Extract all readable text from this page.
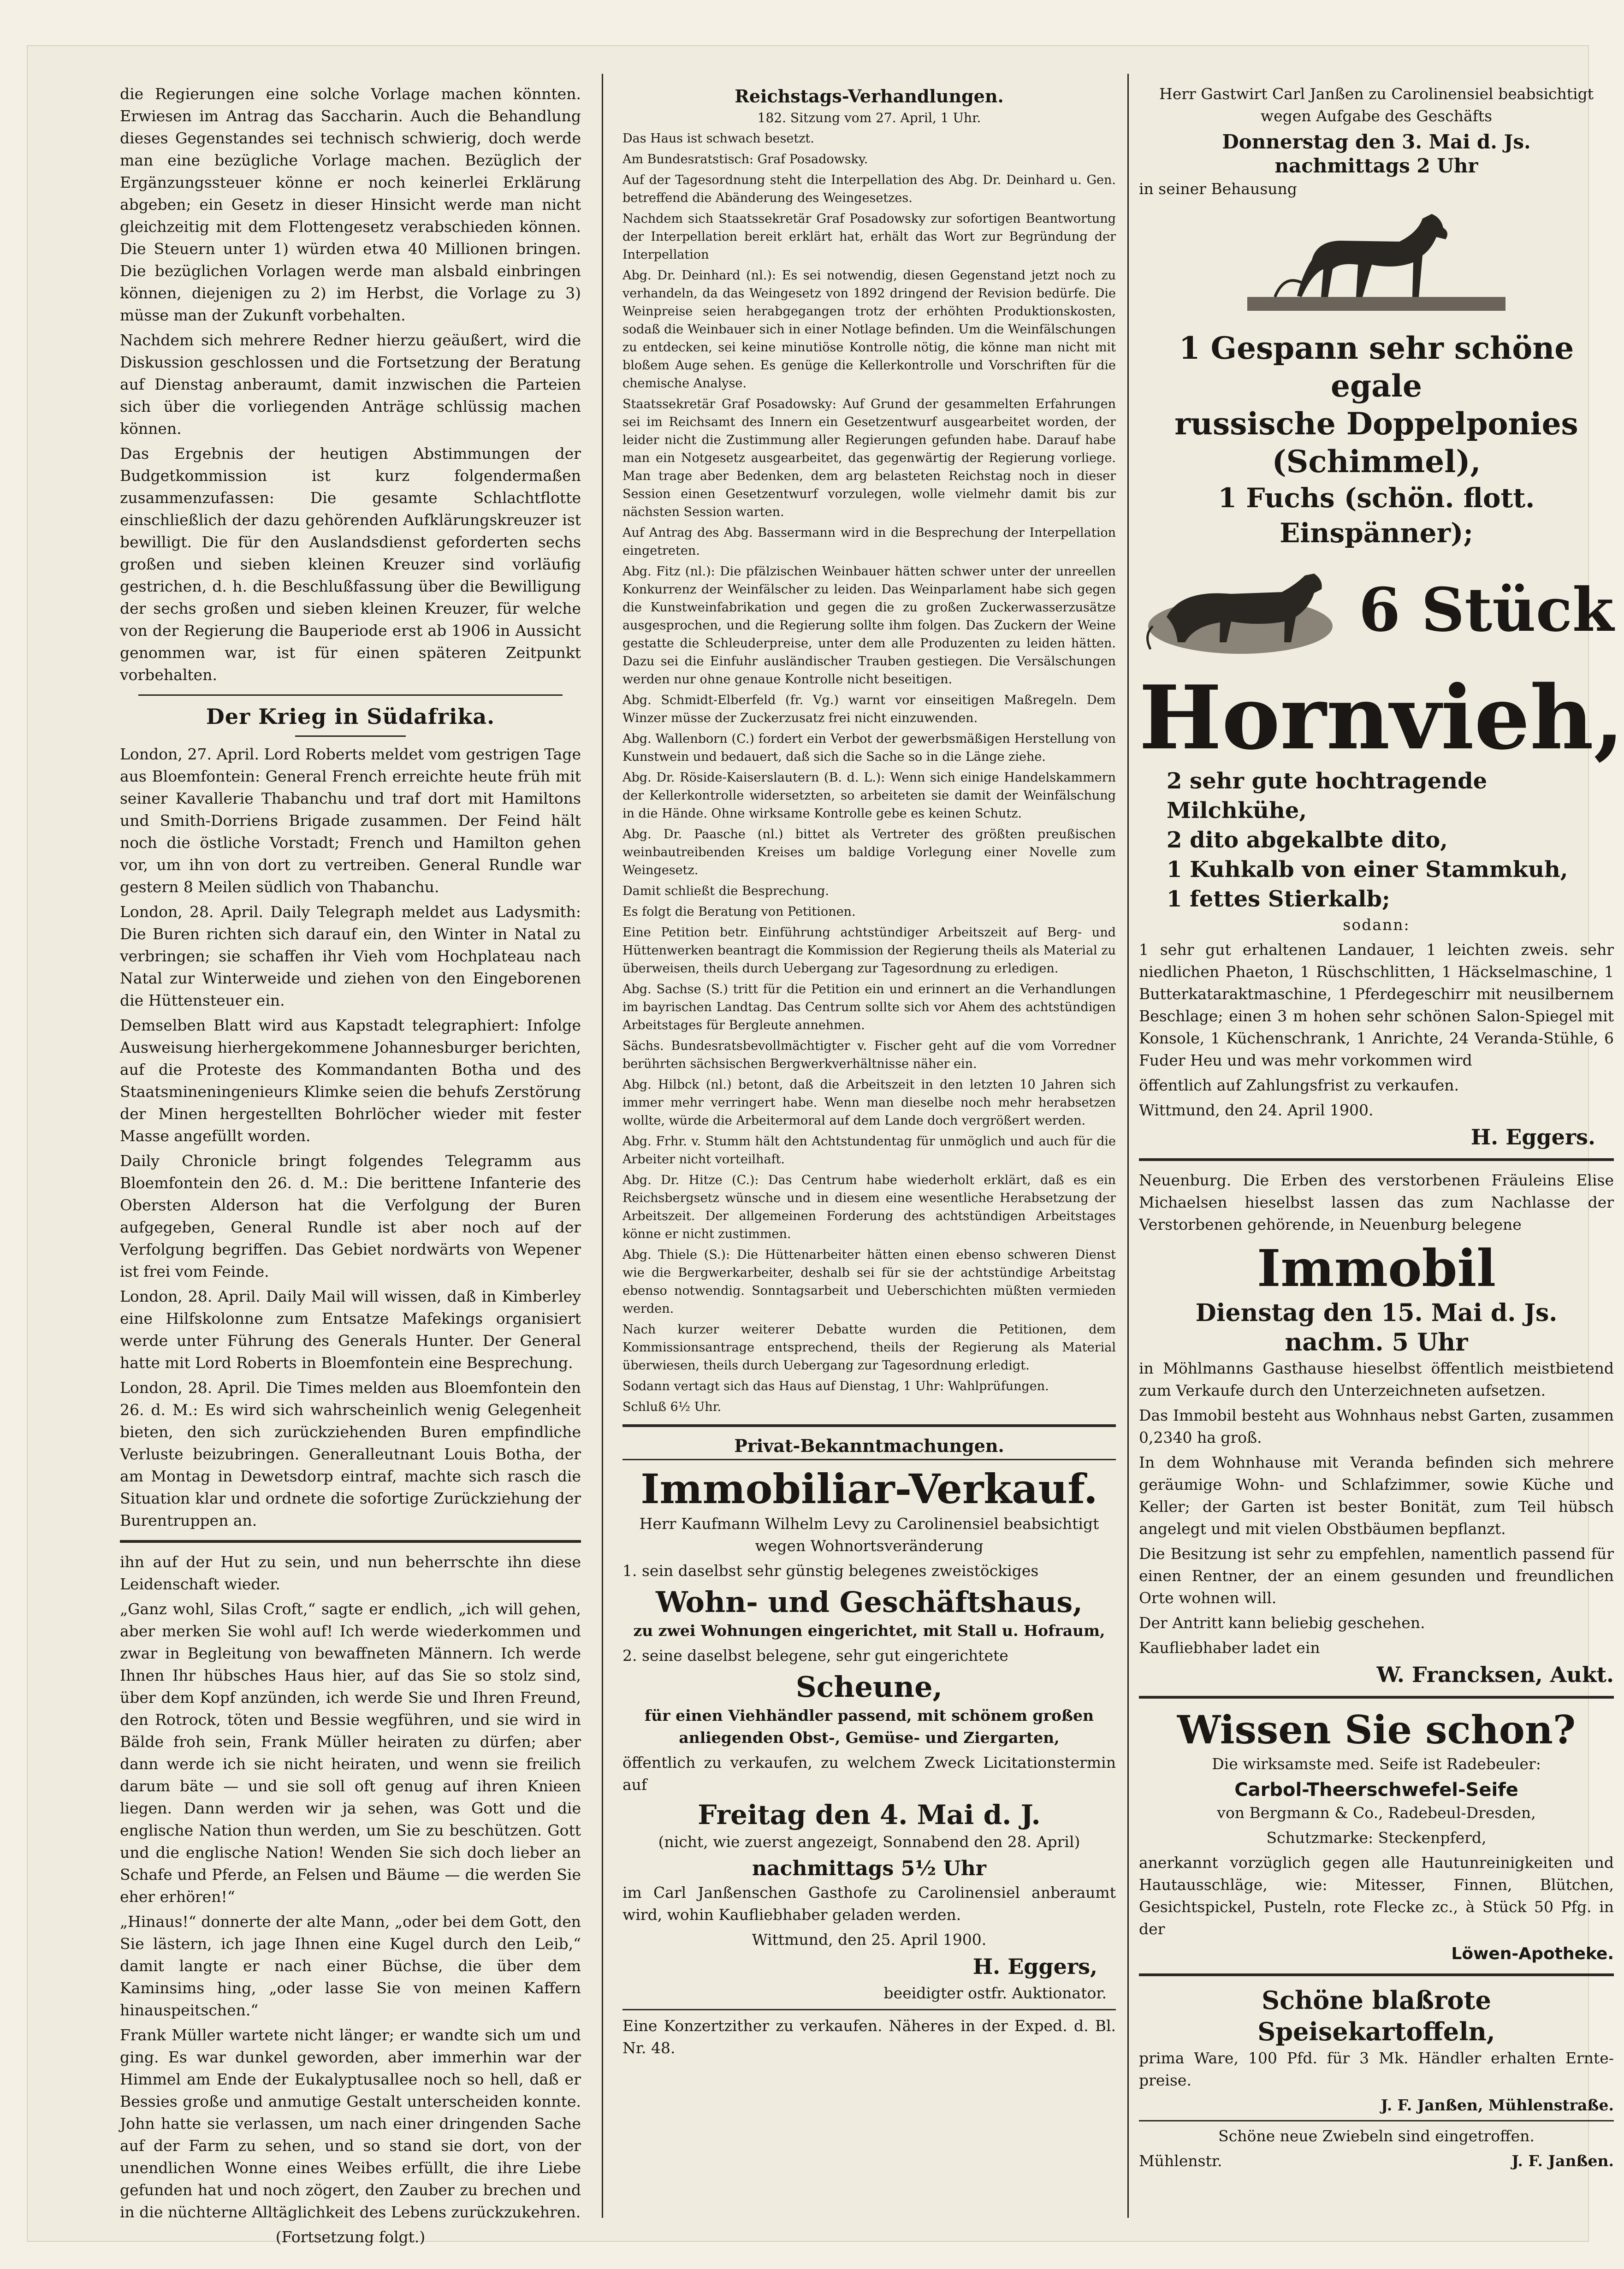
die Regierungen eine solche Vorlage machen könnten. Erwiesen im Antrag das Saccharin. Auch die Behandlung dieses Gegenstandes sei technisch schwierig, doch werde man eine bezügliche Vorlage machen. Bezüglich der Ergänzungssteuer könne er noch keinerlei Erklärung abgeben; ein Gesetz in dieser Hinsicht werde man nicht gleichzeitig mit dem Flottengesetz verabschieden können. Die Steuern unter 1) würden etwa 40 Millionen bringen. Die bezüglichen Vorlagen werde man alsbald einbringen können, diejenigen zu 2) im Herbst, die Vorlage zu 3) müsse man der Zukunft vorbehalten.

Nachdem sich mehrere Redner hierzu geäußert, wird die Diskussion geschlossen und die Fortsetzung der Beratung auf Dienstag anberaumt, damit inzwischen die Parteien sich über die vorliegenden Anträge schlüssig machen können.

Das Ergebnis der heutigen Abstimmungen der Budgetkommission ist kurz folgendermaßen zusammenzufassen: Die gesamte Schlachtflotte einschließlich der dazu gehörenden Aufklärungskreuzer ist bewilligt. Die für den Auslandsdienst geforderten sechs großen und sieben kleinen Kreuzer sind vorläufig gestrichen, d. h. die Beschlußfassung über die Bewilligung der sechs großen und sieben kleinen Kreuzer, für welche von der Regierung die Bauperiode erst ab 1906 in Aussicht genommen war, ist für einen späteren Zeitpunkt vorbehalten.

Der Krieg in Südafrika.

London, 27. April. Lord Roberts meldet vom gestrigen Tage aus Bloemfontein: General French erreichte heute früh mit seiner Kavallerie Thabanchu und traf dort mit Hamiltons und Smith-Dorriens Brigade zusammen. Der Feind hält noch die östliche Vorstadt; French und Hamilton gehen vor, um ihn von dort zu vertreiben. General Rundle war gestern 8 Meilen südlich von Thabanchu.

London, 28. April. Daily Telegraph meldet aus Ladysmith: Die Buren richten sich darauf ein, den Winter in Natal zu verbringen; sie schaffen ihr Vieh vom Hochplateau nach Natal zur Winterweide und ziehen von den Eingeborenen die Hüttensteuer ein.

Demselben Blatt wird aus Kapstadt telegraphiert: Infolge Ausweisung hierhergekommene Johannesburger berichten, auf die Proteste des Kommandanten Botha und des Staatsmineningenieurs Klimke seien die behufs Zerstörung der Minen hergestellten Bohrlöcher wieder mit fester Masse angefüllt worden.

Daily Chronicle bringt folgendes Telegramm aus Bloemfontein den 26. d. M.: Die berittene Infanterie des Obersten Alderson hat die Verfolgung der Buren aufgegeben, General Rundle ist aber noch auf der Verfolgung begriffen. Das Gebiet nordwärts von Wepener ist frei vom Feinde.

London, 28. April. Daily Mail will wissen, daß in Kimberley eine Hilfskolonne zum Entsatze Mafekings organisiert werde unter Führung des Generals Hunter. Der General hatte mit Lord Roberts in Bloemfontein eine Besprechung.

London, 28. April. Die Times melden aus Bloemfontein den 26. d. M.: Es wird sich wahrscheinlich wenig Gelegenheit bieten, den sich zurückziehenden Buren empfindliche Verluste beizubringen. Generalleutnant Louis Botha, der am Montag in Dewetsdorp eintraf, machte sich rasch die Situation klar und ordnete die sofortige Zurückziehung der Burentruppen an.

ihn auf der Hut zu sein, und nun beherrschte ihn diese Leidenschaft wieder.

„Ganz wohl, Silas Croft,“ sagte er endlich, „ich will gehen, aber merken Sie wohl auf! Ich werde wiederkommen und zwar in Begleitung von bewaffneten Männern. Ich werde Ihnen Ihr hübsches Haus hier, auf das Sie so stolz sind, über dem Kopf anzünden, ich werde Sie und Ihren Freund, den Rotrock, töten und Bessie wegführen, und sie wird in Bälde froh sein, Frank Müller heiraten zu dürfen; aber dann werde ich sie nicht heiraten, und wenn sie freilich darum bäte — und sie soll oft genug auf ihren Knieen liegen. Dann werden wir ja sehen, was Gott und die englische Nation thun werden, um Sie zu beschützen. Gott und die englische Nation! Wenden Sie sich doch lieber an Schafe und Pferde, an Felsen und Bäume — die werden Sie eher erhören!“

„Hinaus!“ donnerte der alte Mann, „oder bei dem Gott, den Sie lästern, ich jage Ihnen eine Kugel durch den Leib,“ damit langte er nach einer Büchse, die über dem Kaminsims hing, „oder lasse Sie von meinen Kaffern hinauspeitschen.“

Frank Müller wartete nicht länger; er wandte sich um und ging. Es war dunkel geworden, aber immerhin war der Himmel am Ende der Eukalyptusallee noch so hell, daß er Bessies große und anmutige Gestalt unterscheiden konnte. John hatte sie verlassen, um nach einer dringenden Sache auf der Farm zu sehen, und so stand sie dort, von der unendlichen Wonne eines Weibes erfüllt, die ihre Liebe gefunden hat und noch zögert, den Zauber zu brechen und in die nüchterne Alltäglichkeit des Lebens zurückzukehren.

(Fortsetzung folgt.)

Reichstags-Verhandlungen.

182. Sitzung vom 27. April, 1 Uhr.

Das Haus ist schwach besetzt.

Am Bundesratstisch: Graf Posadowsky.

Auf der Tagesordnung steht die Interpellation des Abg. Dr. Deinhard u. Gen. betreffend die Abänderung des Weingesetzes.

Nachdem sich Staatssekretär Graf Posadowsky zur sofortigen Beantwortung der Interpellation bereit erklärt hat, erhält das Wort zur Begründung der Interpellation

Abg. Dr. Deinhard (nl.): Es sei notwendig, diesen Gegenstand jetzt noch zu verhandeln, da das Weingesetz von 1892 dringend der Revision bedürfe. Die Weinpreise seien herabgegangen trotz der erhöhten Produktionskosten, sodaß die Weinbauer sich in einer Notlage befinden. Um die Weinfälschungen zu entdecken, sei keine minutiöse Kontrolle nötig, die könne man nicht mit bloßem Auge sehen. Es genüge die Kellerkontrolle und Vorschriften für die chemische Analyse.

Staatssekretär Graf Posadowsky: Auf Grund der gesammelten Erfahrungen sei im Reichsamt des Innern ein Gesetzentwurf ausgearbeitet worden, der leider nicht die Zustimmung aller Regierungen gefunden habe. Darauf habe man ein Notgesetz ausgearbeitet, das gegenwärtig der Regierung vorliege. Man trage aber Bedenken, dem arg belasteten Reichstag noch in dieser Session einen Gesetzentwurf vorzulegen, wolle vielmehr damit bis zur nächsten Session warten.

Auf Antrag des Abg. Bassermann wird in die Besprechung der Interpellation eingetreten.

Abg. Fitz (nl.): Die pfälzischen Weinbauer hätten schwer unter der unreellen Konkurrenz der Weinfälscher zu leiden. Das Weinparlament habe sich gegen die Kunstweinfabrikation und gegen die zu großen Zuckerwasserzusätze ausgesprochen, und die Regierung sollte ihm folgen. Das Zuckern der Weine gestatte die Schleuderpreise, unter dem alle Produzenten zu leiden hätten. Dazu sei die Einfuhr ausländischer Trauben gestiegen. Die Versälschungen werden nur ohne genaue Kontrolle nicht beseitigen.

Abg. Schmidt-Elberfeld (fr. Vg.) warnt vor einseitigen Maßregeln. Dem Winzer müsse der Zuckerzusatz frei nicht einzuwenden.

Abg. Wallenborn (C.) fordert ein Verbot der gewerbsmäßigen Herstellung von Kunstwein und bedauert, daß sich die Sache so in die Länge ziehe.

Abg. Dr. Röside-Kaiserslautern (B. d. L.): Wenn sich einige Handelskammern der Kellerkontrolle widersetzten, so arbeiteten sie damit der Weinfälschung in die Hände. Ohne wirksame Kontrolle gebe es keinen Schutz.

Abg. Dr. Paasche (nl.) bittet als Vertreter des größten preußischen weinbautreibenden Kreises um baldige Vorlegung einer Novelle zum Weingesetz.

Damit schließt die Besprechung.

Es folgt die Beratung von Petitionen.

Eine Petition betr. Einführung achtstündiger Arbeitszeit auf Berg- und Hüttenwerken beantragt die Kommission der Regierung theils als Material zu überweisen, theils durch Uebergang zur Tagesordnung zu erledigen.

Abg. Sachse (S.) tritt für die Petition ein und erinnert an die Verhandlungen im bayrischen Landtag. Das Centrum sollte sich vor Ahem des achtstündigen Arbeitstages für Bergleute annehmen.

Sächs. Bundesratsbevollmächtigter v. Fischer geht auf die vom Vorredner berührten sächsischen Bergwerkverhältnisse näher ein.

Abg. Hilbck (nl.) betont, daß die Arbeitszeit in den letzten 10 Jahren sich immer mehr verringert habe. Wenn man dieselbe noch mehr herabsetzen wollte, würde die Arbeitermoral auf dem Lande doch vergrößert werden.

Abg. Frhr. v. Stumm hält den Achtstundentag für unmöglich und auch für die Arbeiter nicht vorteilhaft.

Abg. Dr. Hitze (C.): Das Centrum habe wiederholt erklärt, daß es ein Reichsbergsetz wünsche und in diesem eine wesentliche Herabsetzung der Arbeitszeit. Der allgemeinen Forderung des achtstündigen Arbeitstages könne er nicht zustimmen.

Abg. Thiele (S.): Die Hüttenarbeiter hätten einen ebenso schweren Dienst wie die Bergwerkarbeiter, deshalb sei für sie der achtstündige Arbeitstag ebenso notwendig. Sonntagsarbeit und Ueberschichten müßten vermieden werden.

Nach kurzer weiterer Debatte wurden die Petitionen, dem Kommissionsantrage entsprechend, theils der Regierung als Material überwiesen, theils durch Uebergang zur Tagesordnung erledigt.

Sodann vertagt sich das Haus auf Dienstag, 1 Uhr: Wahlprüfungen.

Schluß 6½ Uhr.

Privat-Bekanntmachungen.

Immobiliar-Verkauf.

Herr Kaufmann Wilhelm Levy zu Carolinensiel beabsichtigt wegen Wohnortsveränderung

1. sein daselbst sehr günstig belegenes zweistöckiges

Wohn- und Geschäftshaus,

zu zwei Wohnungen eingerichtet, mit Stall u. Hofraum,

2. seine daselbst belegene, sehr gut eingerichtete

Scheune,

für einen Viehhändler passend, mit schönem großen anliegenden Obst-, Gemüse- und Ziergarten,

öffentlich zu verkaufen, zu welchem Zweck Licitationstermin auf

Freitag den 4. Mai d. J.

(nicht, wie zuerst angezeigt, Sonnabend den 28. April)

nachmittags 5½ Uhr

im Carl Janßenschen Gasthofe zu Carolinensiel anberaumt wird, wohin Kaufliebhaber geladen werden.

Wittmund, den 25. April 1900.

H. Eggers,

beeidigter ostfr. Auktionator.

Eine Konzertzither zu verkaufen. Näheres in der Exped. d. Bl. Nr. 48.

Herr Gastwirt Carl Janßen zu Carolinensiel beabsichtigt wegen Aufgabe des Geschäfts

Donnerstag den 3. Mai d. Js.

nachmittags 2 Uhr

in seiner Behausung

1 Gespann sehr schöne egale

russische Doppelponies

(Schimmel),

1 Fuchs (schön. flott. Einspänner);

6 Stück

Hornvieh,

2 sehr gute hochtragende Milchkühe,

2 dito abgekalbte dito,

1 Kuhkalb von einer Stammkuh,

1 fettes Stierkalb;

sodann:

1 sehr gut erhaltenen Landauer, 1 leichten zweis. sehr niedlichen Phaeton, 1 Rüschschlitten, 1 Häckselmaschine, 1 Butterkataraktmaschine, 1 Pferdegeschirr mit neusilbernem Beschlage; einen 3 m hohen sehr schönen Salon-Spiegel mit Konsole, 1 Küchenschrank, 1 Anrichte, 24 Veranda-Stühle, 6 Fuder Heu und was mehr vorkommen wird

öffentlich auf Zahlungsfrist zu verkaufen.

Wittmund, den 24. April 1900.

H. Eggers.

Neuenburg. Die Erben des verstorbenen Fräuleins Elise Michaelsen hieselbst lassen das zum Nachlasse der Verstorbenen gehörende, in Neuenburg belegene

Immobil

Dienstag den 15. Mai d. Js.

nachm. 5 Uhr

in Möhlmanns Gasthause hieselbst öffentlich meistbietend zum Verkaufe durch den Unterzeichneten aufsetzen.

Das Immobil besteht aus Wohnhaus nebst Garten, zusammen 0,2340 ha groß.

In dem Wohnhause mit Veranda befinden sich mehrere geräumige Wohn- und Schlafzimmer, sowie Küche und Keller; der Garten ist bester Bonität, zum Teil hübsch angelegt und mit vielen Obstbäumen bepflanzt.

Die Besitzung ist sehr zu empfehlen, namentlich passend für einen Rentner, der an einem gesunden und freundlichen Orte wohnen will.

Der Antritt kann beliebig geschehen.

Kaufliebhaber ladet ein

W. Francksen, Aukt.

Wissen Sie schon?

Die wirksamste med. Seife ist Radebeuler:

Carbol-Theerschwefel-Seife

von Bergmann & Co., Radebeul-Dresden,

Schutzmarke: Steckenpferd,

anerkannt vorzüglich gegen alle Hautunreinigkeiten und Hautausschläge, wie: Mitesser, Finnen, Blütchen, Gesichtspickel, Pusteln, rote Flecke zc., à Stück 50 Pfg. in der

Löwen-Apotheke.

Schöne blaßrote Speisekartoffeln,

prima Ware, 100 Pfd. für 3 Mk. Händler erhalten Erntepreise.

J. F. Janßen, Mühlenstraße.

Schöne neue Zwiebeln sind eingetroffen.

Mühlenstr.	J. F. Janßen.
